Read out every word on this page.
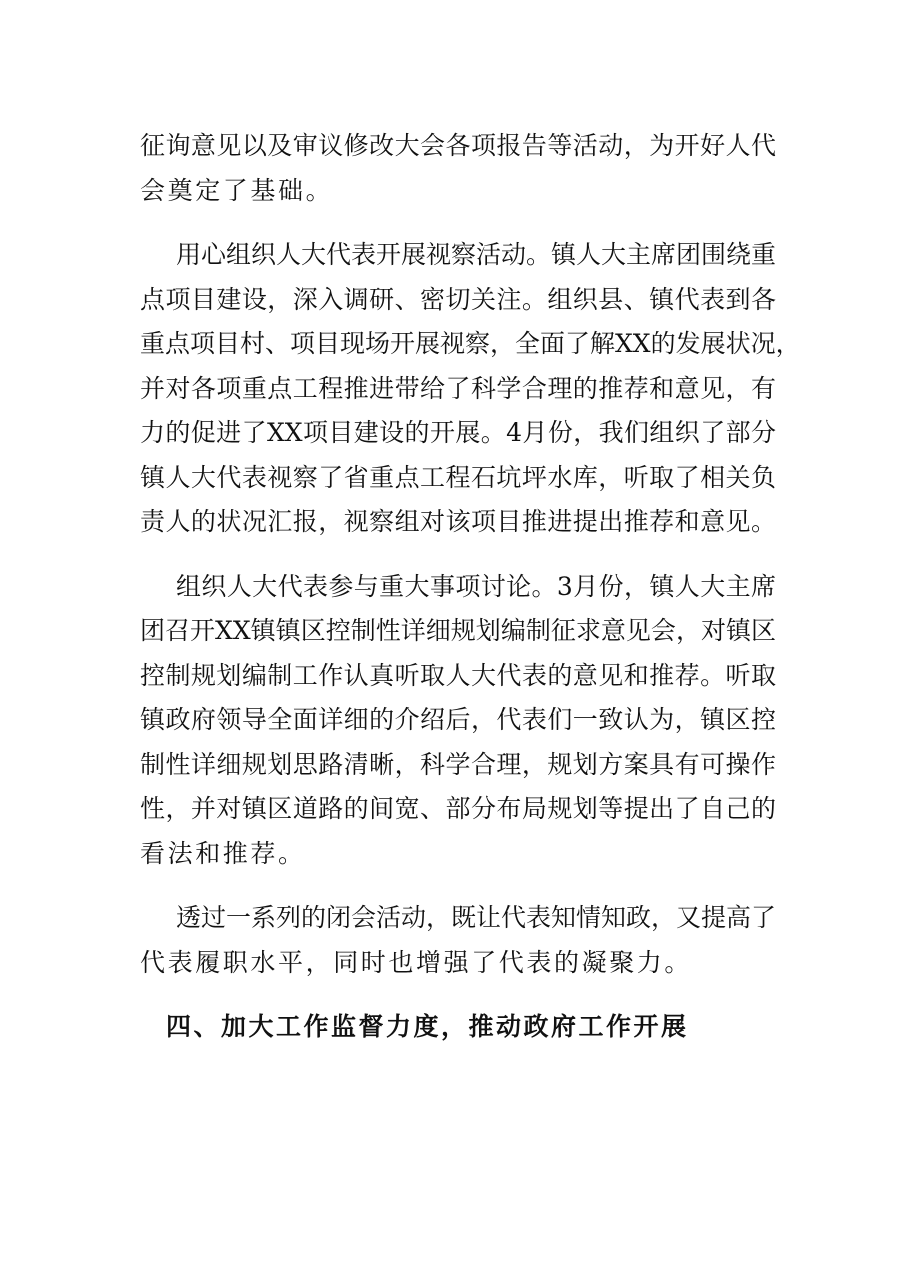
征询意见以及审议修改大会各项报告等活动，为开好人代
会奠定了基础。
用心组织人大代表开展视察活动。镇人大主席团围绕重
点项目建设，深入调研、密切关注。组织县、镇代表到各
重点项目村、项目现场开展视察，全面了解XX的发展状况，
并对各项重点工程推进带给了科学合理的推荐和意见，有
力的促进了XX项目建设的开展。4月份，我们组织了部分
镇人大代表视察了省重点工程石坑坪水库，听取了相关负
责人的状况汇报，视察组对该项目推进提出推荐和意见。
组织人大代表参与重大事项讨论。3月份，镇人大主席
团召开XX镇镇区控制性详细规划编制征求意见会，对镇区
控制规划编制工作认真听取人大代表的意见和推荐。听取
镇政府领导全面详细的介绍后，代表们一致认为，镇区控
制性详细规划思路清晰，科学合理，规划方案具有可操作
性，并对镇区道路的间宽、部分布局规划等提出了自己的
看法和推荐。
透过一系列的闭会活动，既让代表知情知政，又提高了
代表履职水平，同时也增强了代表的凝聚力。
四、加大工作监督力度，推动政府工作开展
